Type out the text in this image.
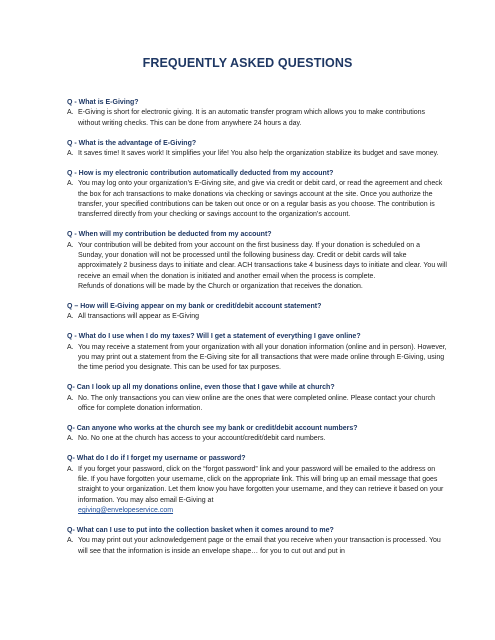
FREQUENTLY ASKED QUESTIONS
Q - What is E-Giving?
A. E-Giving is short for electronic giving. It is an automatic transfer program which allows you to make contributions without writing checks. This can be done from anywhere 24 hours a day.

Q - What is the advantage of E-Giving?
A. It saves time! It saves work! It simplifies your life! You also help the organization stabilize its budget and save money.

Q - How is my electronic contribution automatically deducted from my account?
A. You may log onto your organization’s E-Giving site, and give via credit or debit card, or read the agreement and check the box for ach transactions to make donations via checking or savings account at the site. Once you authorize the transfer, your specified contributions can be taken out once or on a regular basis as you choose. The contribution is transferred directly from your checking or savings account to the organization’s account.

Q - When will my contribution be deducted from my account?
A. Your contribution will be debited from your account on the first business day. If your donation is scheduled on a Sunday, your donation will not be processed until the following business day. Credit or debit cards will take approximately 2 business days to initiate and clear. ACH transactions take 4 business days to initiate and clear. You will receive an email when the donation is initiated and another email when the process is complete.

Refunds of donations will be made by the Church or organization that receives the donation.

Q – How will E-Giving appear on my bank or credit/debit account statement?
A. All transactions will appear as E-Giving

Q - What do I use when I do my taxes? Will I get a statement of everything I gave online?
A. You may receive a statement from your organization with all your donation information (online and in person). However, you may print out a statement from the E-Giving site for all transactions that were made online through E-Giving, using the time period you designate. This can be used for tax purposes.

Q- Can I look up all my donations online, even those that I gave while at church?
A. No. The only transactions you can view online are the ones that were completed online. Please contact your church office for complete donation information.

Q- Can anyone who works at the church see my bank or credit/debit account numbers?
A. No. No one at the church has access to your account/credit/debit card numbers.

Q- What do I do if I forget my username or password?
A. If you forget your password, click on the “forgot password” link and your password will be emailed to the address on file. If you have forgotten your username, click on the appropriate link. This will bring up an email message that goes straight to your organization. Let them know you have forgotten your username, and they can retrieve it based on your information. You may also email E-Giving at

egiving@envelopeservice.com

Q- What can I use to put into the collection basket when it comes around to me?
A. You may print out your acknowledgement page or the email that you receive when your transaction is processed. You will see that the information is inside an envelope shape… for you to cut out and put in
